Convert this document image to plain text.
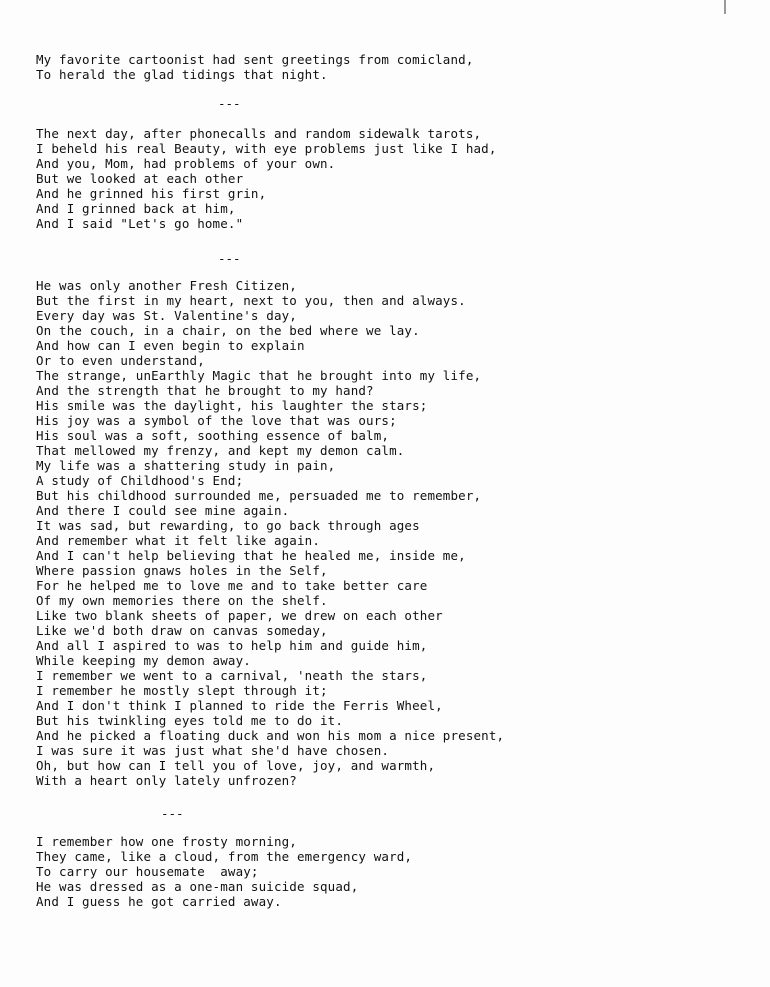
My favorite cartoonist had sent greetings from comicland,
To herald the glad tidings that night.
---
The next day, after phonecalls and random sidewalk tarots,
I beheld his real Beauty, with eye problems just like I had,
And you, Mom, had problems of your own.
But we looked at each other
And he grinned his first grin,
And I grinned back at him,
And I said "Let's go home."
---
He was only another Fresh Citizen,
But the first in my heart, next to you, then and always.
Every day was St. Valentine's day,
On the couch, in a chair, on the bed where we lay.
And how can I even begin to explain
Or to even understand,
The strange, unEarthly Magic that he brought into my life,
And the strength that he brought to my hand?
His smile was the daylight, his laughter the stars;
His joy was a symbol of the love that was ours;
His soul was a soft, soothing essence of balm,
That mellowed my frenzy, and kept my demon calm.
My life was a shattering study in pain,
A study of Childhood's End;
But his childhood surrounded me, persuaded me to remember,
And there I could see mine again.
It was sad, but rewarding, to go back through ages
And remember what it felt like again.
And I can't help believing that he healed me, inside me,
Where passion gnaws holes in the Self,
For he helped me to love me and to take better care
Of my own memories there on the shelf.
Like two blank sheets of paper, we drew on each other
Like we'd both draw on canvas someday,
And all I aspired to was to help him and guide him,
While keeping my demon away.
I remember we went to a carnival, 'neath the stars,
I remember he mostly slept through it;
And I don't think I planned to ride the Ferris Wheel,
But his twinkling eyes told me to do it.
And he picked a floating duck and won his mom a nice present,
I was sure it was just what she'd have chosen.
Oh, but how can I tell you of love, joy, and warmth,
With a heart only lately unfrozen?
---
I remember how one frosty morning,
They came, like a cloud, from the emergency ward,
To carry our housemate  away;
He was dressed as a one-man suicide squad,
And I guess he got carried away.
